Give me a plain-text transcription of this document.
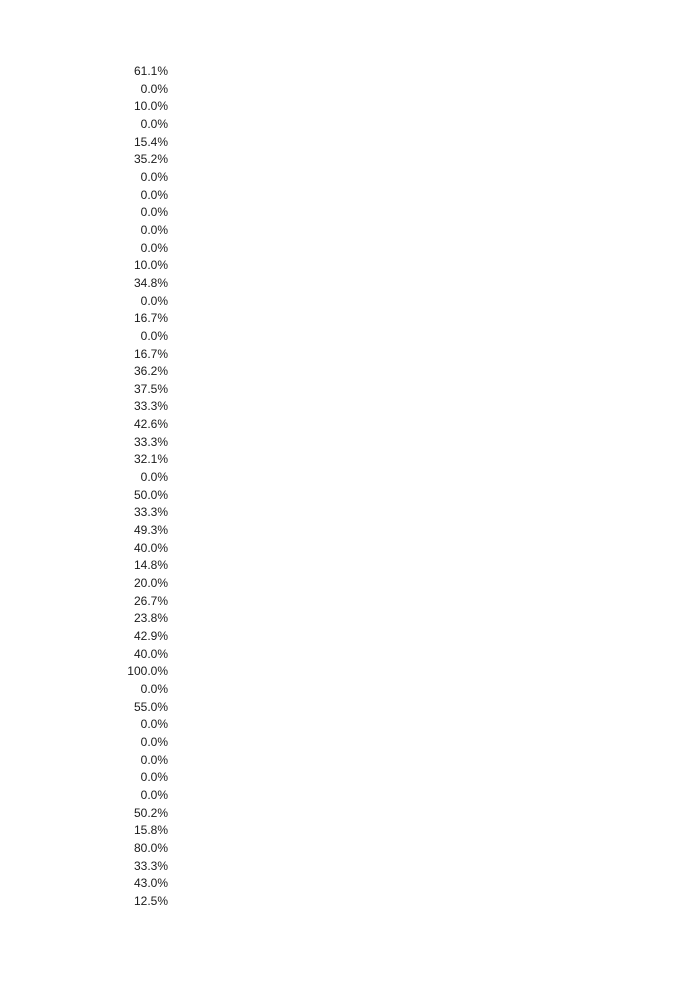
61.1%
0.0%
10.0%
0.0%
15.4%
35.2%
0.0%
0.0%
0.0%
0.0%
0.0%
10.0%
34.8%
0.0%
16.7%
0.0%
16.7%
36.2%
37.5%
33.3%
42.6%
33.3%
32.1%
0.0%
50.0%
33.3%
49.3%
40.0%
14.8%
20.0%
26.7%
23.8%
42.9%
40.0%
100.0%
0.0%
55.0%
0.0%
0.0%
0.0%
0.0%
0.0%
50.2%
15.8%
80.0%
33.3%
43.0%
12.5%
